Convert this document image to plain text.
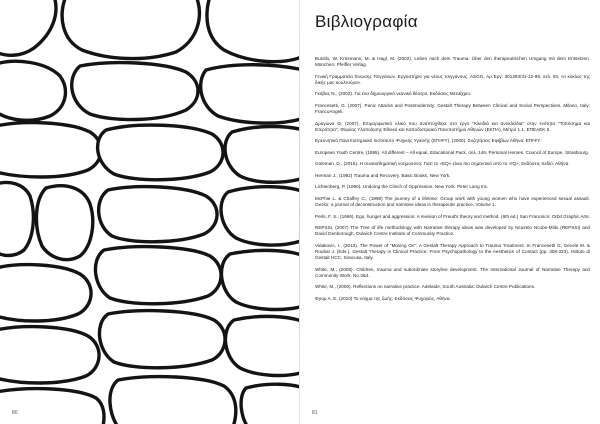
80
Βιβλιογραφία
Butollo, W, Krüsmann, M. & Hagl, M. (2002). Leben nach dem Trauma: Über den therapeutischen Umgang mit dem Entsetzen. München: Pfeiffer Verlag.
Γενική Γραμματεία Ένωσης Τσιγγάνων. Εργαστήριο για νέους τσιγγάνους. ASGG, Αρ.Έργ: 301283/31-12-99, σελ. 93, «ο κύκλος της δικής μας κουλτούρα».
Γκόβας Ν., (2002). Για ένα δημιουργικό νεανικό θέατρο, Εκδόσεις Μεταίχμιο.
Francesetti, G. (2007). Panic Attacks and Postmodernity: Gestalt Therapy Between Clinical and Social Perspectives. Milano, Italy: FrancoAngeli.
Δραγώνα Θ, (2007). Επιμορφωτικό υλικό που αναπτύχθηκε στο έργο "Κλειδιά και αντικλείδια" στην ενότητα "Τοπόσημα και Ετερότητα", Φορέας Υλοποίησης Εθνικό και Καποδιστριακό Πανεπιστήμιο Αθηνών (ΕΚΠΑ), Μέτρο 1.1. ΕΠΕΑΕΚ ΙΙ.
Ερευνητικό Πανεπιστημιακό Ινστιτούτο Ψυχικής Υγιεινής (ΕΠΙΨΥ), (2000). Συζητήσεις Εφήβων Αθήνα: ΕΠΙΨΥ.
European Youth Centre, (1995). All different – All equal, Educational Pack, σελ. 146, Personal Heroes. Council of Europe, Strasbourg.
Goleman, D., (2015). Η συναισθηματική νοημοσύνη: Γιατί το «EQ» είναι πιο σημαντικό από το «IQ», Εκδόσεις πεδίο, Αθήνα.
Herman J., (1992) Trauma and Recovery. Basic Books, New York.
Lichtenberg, P. (1990). Undoing the Clinch of Oppression. New York: Peter Lang Inc.
McPhie L. & Chaffey C., (1998) The journey of a lifetime: Group work with young women who have experienced sexual assault. Gecko: a journal of deconstruction and narrative ideas in therapeutic practice, Volume 1.
Perls, F. S., (1966). Ego, hunger and aggression: A revision of Freud's theory and method. (6th ed.) San Francisco: Orbit Graphic Arts.
REPSSI, (2007) The Tree of life methodology with Narrative therapy ideas was developed by Ncazelo Ncube-Mlilo (REPSSI) and David Denborough, Dulwich Centre Institute of Community Practice.
Vidakovic, I., (2013). The Power of "Moving On": A Gestalt Therapy Approach to Trauma Treatment. In Francesetti G, Gecele M. & Roubal J. (Eds.), Gestalt Therapy in Clinical Practice: From Psychopathology to the Aesthetics of Contact (pp. 308-323). Istituto di Gestalt HCC, Siracusa, Italy.
White, M., (2005). Children, trauma and subordinate storyline development. The International Journal of Narrative Therapy and Community Work, No.3&4.
White, M., (2000). Reflections on narrative practice. Adelaide, South Australia: Dulwich Centre Publications.
Φρομ Α. Ε, (2010) Το νόημα της ζωής, Εκδόσεις Ψυχογιός, Αθήνα.
81
